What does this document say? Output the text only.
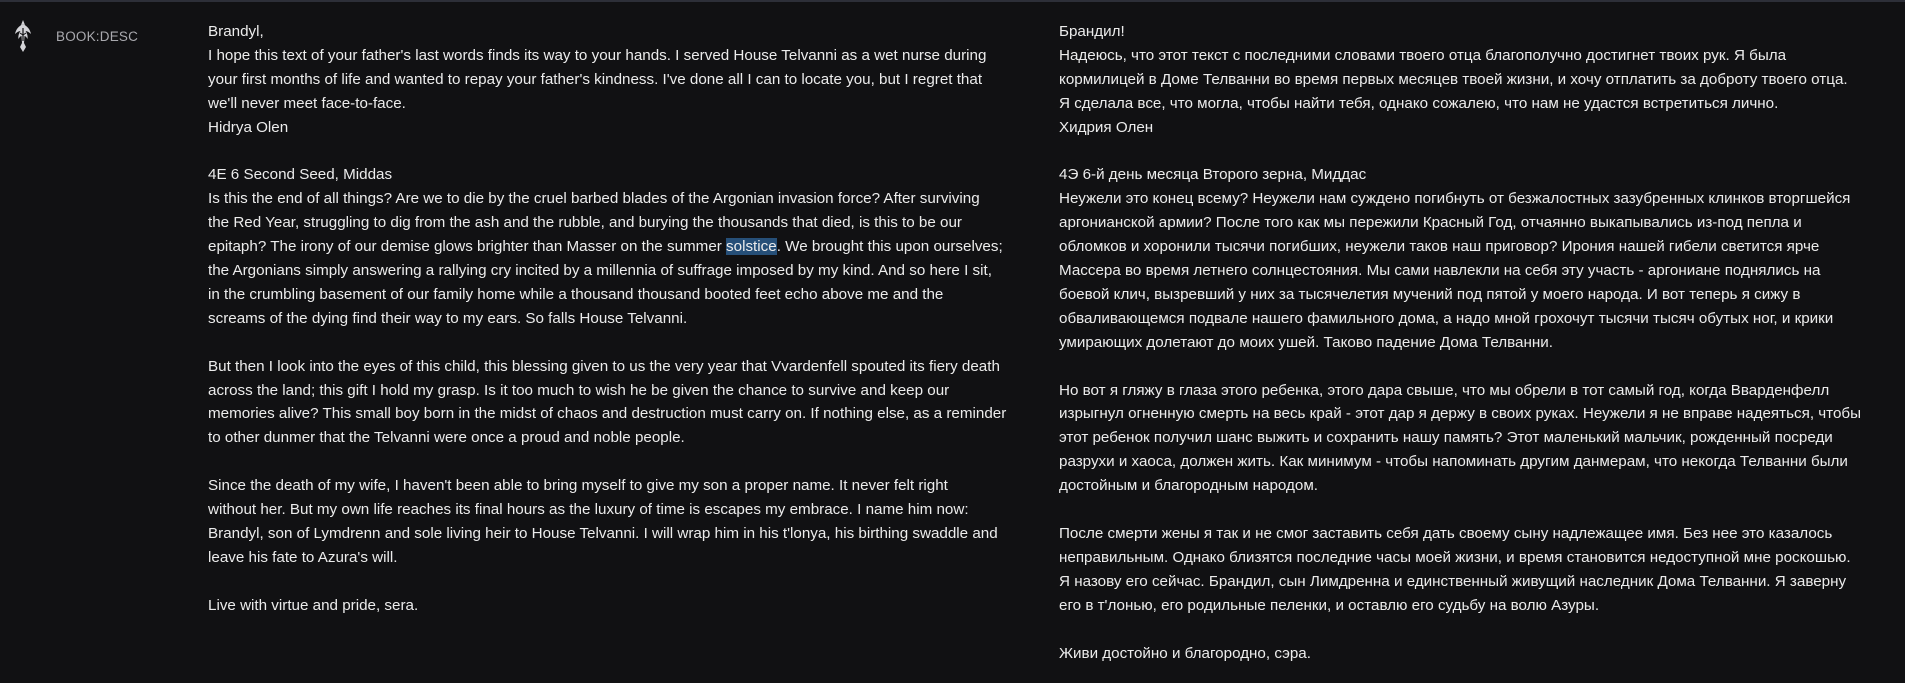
BOOK:DESC	Brandyl,
I hope this text of your father's last words finds its way to your hands. I served House Telvanni as a wet nurse during
your first months of life and wanted to repay your father's kindness. I've done all I can to locate you, but I regret that
we'll never meet face-to-face.
Hidrya Olen
4E 6 Second Seed, Middas
Is this the end of all things? Are we to die by the cruel barbed blades of the Argonian invasion force? After surviving
the Red Year, struggling to dig from the ash and the rubble, and burying the thousands that died, is this to be our
epitaph? The irony of our demise glows brighter than Masser on the summer solstice. We brought this upon ourselves;
the Argonians simply answering a rallying cry incited by a millennia of suffrage imposed by my kind. And so here I sit,
in the crumbling basement of our family home while a thousand thousand booted feet echo above me and the
screams of the dying find their way to my ears. So falls House Telvanni.
But then I look into the eyes of this child, this blessing given to us the very year that Vvardenfell spouted its fiery death
across the land; this gift I hold my grasp. Is it too much to wish he be given the chance to survive and keep our
memories alive? This small boy born in the midst of chaos and destruction must carry on. If nothing else, as a reminder
to other dunmer that the Telvanni were once a proud and noble people.
Since the death of my wife, I haven't been able to bring myself to give my son a proper name. It never felt right
without her. But my own life reaches its final hours as the luxury of time is escapes my embrace. I name him now:
Brandyl, son of Lymdrenn and sole living heir to House Telvanni. I will wrap him in his t'lonya, his birthing swaddle and
leave his fate to Azura's will.
Live with virtue and pride, sera.
Брандил!
Надеюсь, что этот текст с последними словами твоего отца благополучно достигнет твоих рук. Я была
кормилицей в Доме Телванни во время первых месяцев твоей жизни, и хочу отплатить за доброту твоего отца.
Я сделала все, что могла, чтобы найти тебя, однако сожалею, что нам не удастся встретиться лично.
Хидрия Олен
4Э 6-й день месяца Второго зерна, Миддас
Неужели это конец всему? Неужели нам суждено погибнуть от безжалостных зазубренных клинков вторгшейся
аргонианской армии? После того как мы пережили Красный Год, отчаянно выкапывались из-под пепла и
обломков и хоронили тысячи погибших, неужели таков наш приговор? Ирония нашей гибели светится ярче
Массера во время летнего солнцестояния. Мы сами навлекли на себя эту участь - аргониане поднялись на
боевой клич, вызревший у них за тысячелетия мучений под пятой у моего народа. И вот теперь я сижу в
обваливающемся подвале нашего фамильного дома, а надо мной грохочут тысячи тысяч обутых ног, и крики
умирающих долетают до моих ушей. Таково падение Дома Телванни.
Но вот я гляжу в глаза этого ребенка, этого дара свыше, что мы обрели в тот самый год, когда Вварденфелл
изрыгнул огненную смерть на весь край - этот дар я держу в своих руках. Неужели я не вправе надеяться, чтобы
этот ребенок получил шанс выжить и сохранить нашу память? Этот маленький мальчик, рожденный посреди
разрухи и хаоса, должен жить. Как минимум - чтобы напоминать другим данмерам, что некогда Телванни были
достойным и благородным народом.
После смерти жены я так и не смог заставить себя дать своему сыну надлежащее имя. Без нее это казалось
неправильным. Однако близятся последние часы моей жизни, и время становится недоступной мне роскошью.
Я назову его сейчас. Брандил, сын Лимдренна и единственный живущий наследник Дома Телванни. Я заверну
его в т'лонью, его родильные пеленки, и оставлю его судьбу на волю Азуры.
Живи достойно и благородно, сэра.
